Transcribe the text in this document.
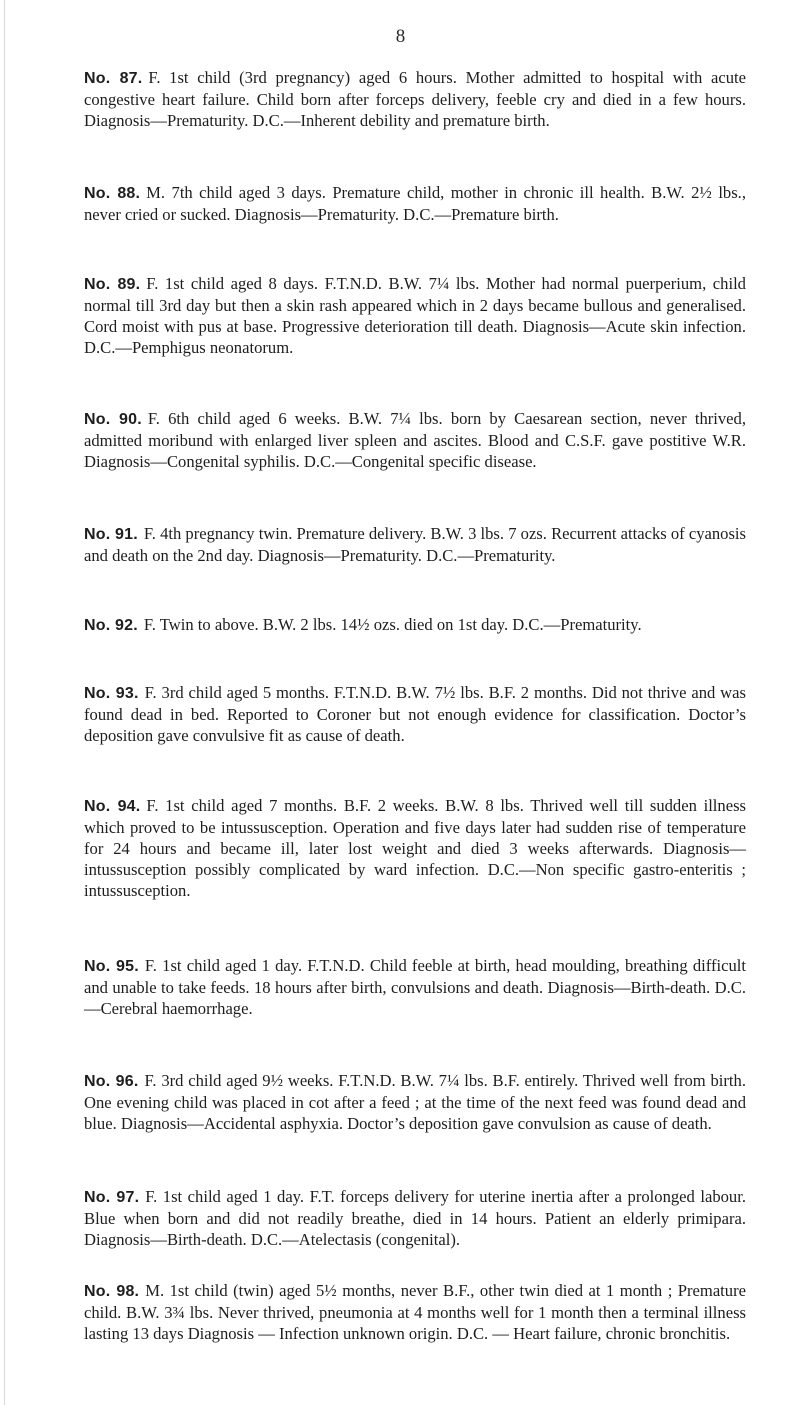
8
No. 87. F. 1st child (3rd pregnancy) aged 6 hours. Mother admitted to hospital with acute congestive heart failure. Child born after forceps delivery, feeble cry and died in a few hours. Diagnosis—Prematurity. D.C.—Inherent debility and premature birth.
No. 88. M. 7th child aged 3 days. Premature child, mother in chronic ill health. B.W. 2½ lbs., never cried or sucked. Diagnosis—Prematurity. D.C.—Premature birth.
No. 89. F. 1st child aged 8 days. F.T.N.D. B.W. 7¼ lbs. Mother had normal puerperium, child normal till 3rd day but then a skin rash appeared which in 2 days became bullous and generalised. Cord moist with pus at base. Progressive deterioration till death. Diagnosis—Acute skin infection. D.C.—Pemphigus neonatorum.
No. 90. F. 6th child aged 6 weeks. B.W. 7¼ lbs. born by Caesarean section, never thrived, admitted moribund with enlarged liver spleen and ascites. Blood and C.S.F. gave postitive W.R. Diagnosis—Congenital syphilis. D.C.—Congenital specific disease.
No. 91. F. 4th pregnancy twin. Premature delivery. B.W. 3 lbs. 7 ozs. Recurrent attacks of cyanosis and death on the 2nd day. Diagnosis—Prematurity. D.C.—Prematurity.
No. 92. F. Twin to above. B.W. 2 lbs. 14½ ozs. died on 1st day. D.C.—Prematurity.
No. 93. F. 3rd child aged 5 months. F.T.N.D. B.W. 7½ lbs. B.F. 2 months. Did not thrive and was found dead in bed. Reported to Coroner but not enough evidence for classification. Doctor’s deposition gave convulsive fit as cause of death.
No. 94. F. 1st child aged 7 months. B.F. 2 weeks. B.W. 8 lbs. Thrived well till sudden illness which proved to be intussusception. Operation and five days later had sudden rise of temperature for 24 hours and became ill, later lost weight and died 3 weeks afterwards. Diagnosis—intussusception possibly complicated by ward infection. D.C.—Non specific gastro-enteritis ; intussusception.
No. 95. F. 1st child aged 1 day. F.T.N.D. Child feeble at birth, head moulding, breathing difficult and unable to take feeds. 18 hours after birth, convulsions and death. Diagnosis—Birth-death. D.C.—Cerebral haemorrhage.
No. 96. F. 3rd child aged 9½ weeks. F.T.N.D. B.W. 7¼ lbs. B.F. entirely. Thrived well from birth. One evening child was placed in cot after a feed ; at the time of the next feed was found dead and blue. Diagnosis—Accidental asphyxia. Doctor’s deposition gave convulsion as cause of death.
No. 97. F. 1st child aged 1 day. F.T. forceps delivery for uterine inertia after a prolonged labour. Blue when born and did not readily breathe, died in 14 hours. Patient an elderly primipara. Diagnosis—Birth-death. D.C.—Atelectasis (congenital).
No. 98. M. 1st child (twin) aged 5½ months, never B.F., other twin died at 1 month ; Premature child. B.W. 3¾ lbs. Never thrived, pneumonia at 4 months well for 1 month then a terminal illness lasting 13 days Diagnosis — Infection unknown origin. D.C. — Heart failure, chronic bronchitis.
